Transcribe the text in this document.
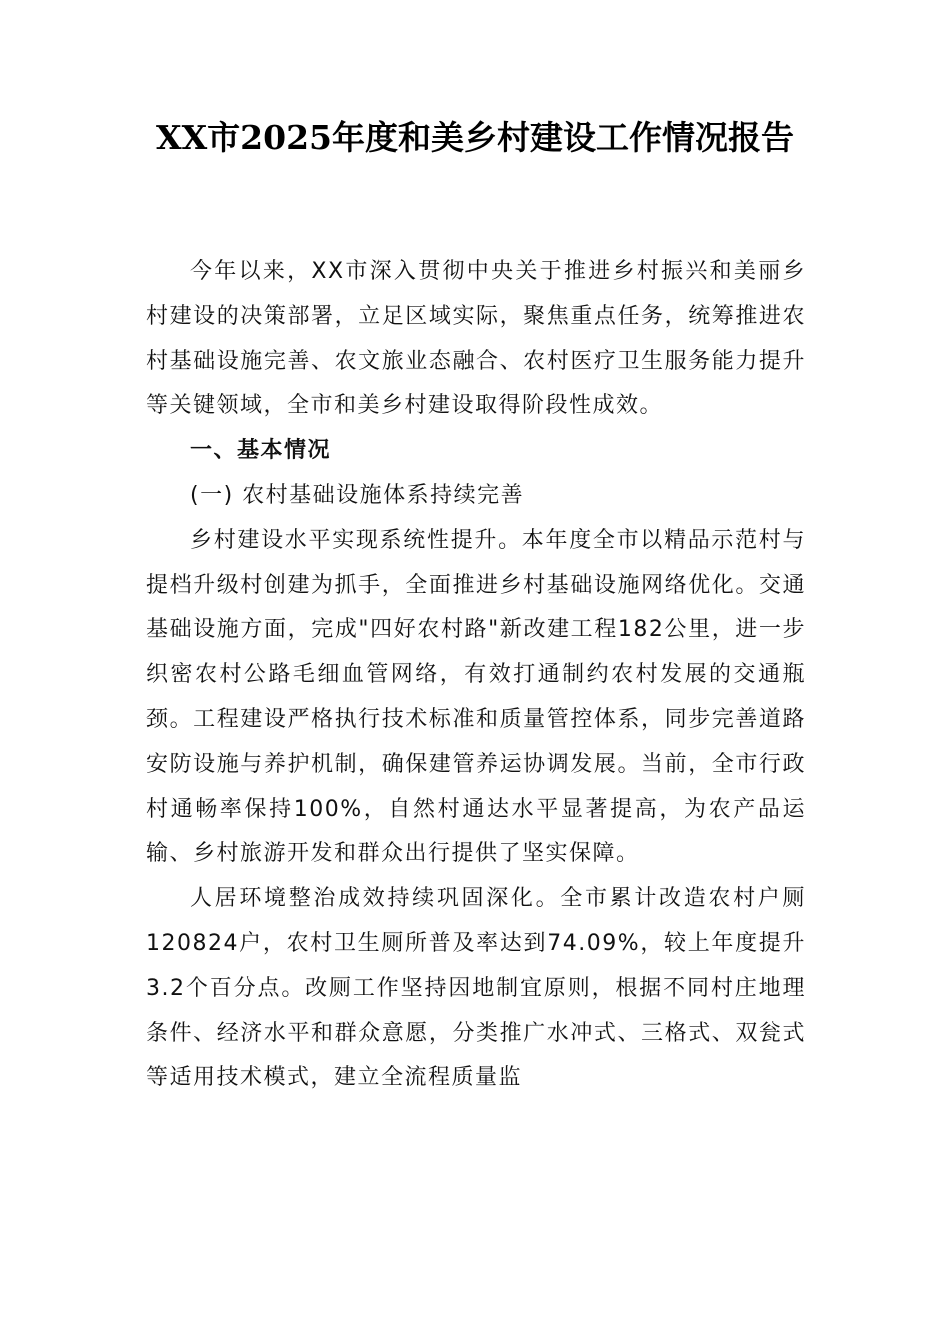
XX市2025年度和美乡村建设工作情况报告

今年以来，XX市深入贯彻中央关于推进乡村振兴和美丽乡村建设的决策部署，立足区域实际，聚焦重点任务，统筹推进农村基础设施完善、农文旅业态融合、农村医疗卫生服务能力提升等关键领域，全市和美乡村建设取得阶段性成效。

一、基本情况
(一) 农村基础设施体系持续完善

乡村建设水平实现系统性提升。本年度全市以精品示范村与提档升级村创建为抓手，全面推进乡村基础设施网络优化。交通基础设施方面，完成"四好农村路"新改建工程182公里，进一步织密农村公路毛细血管网络，有效打通制约农村发展的交通瓶颈。工程建设严格执行技术标准和质量管控体系，同步完善道路安防设施与养护机制，确保建管养运协调发展。当前，全市行政村通畅率保持100%，自然村通达水平显著提高，为农产品运输、乡村旅游开发和群众出行提供了坚实保障。

人居环境整治成效持续巩固深化。全市累计改造农村户厕120824户，农村卫生厕所普及率达到74.09%，较上年度提升3.2个百分点。改厕工作坚持因地制宜原则，根据不同村庄地理条件、经济水平和群众意愿，分类推广水冲式、三格式、双瓮式等适用技术模式，建立全流程质量监
